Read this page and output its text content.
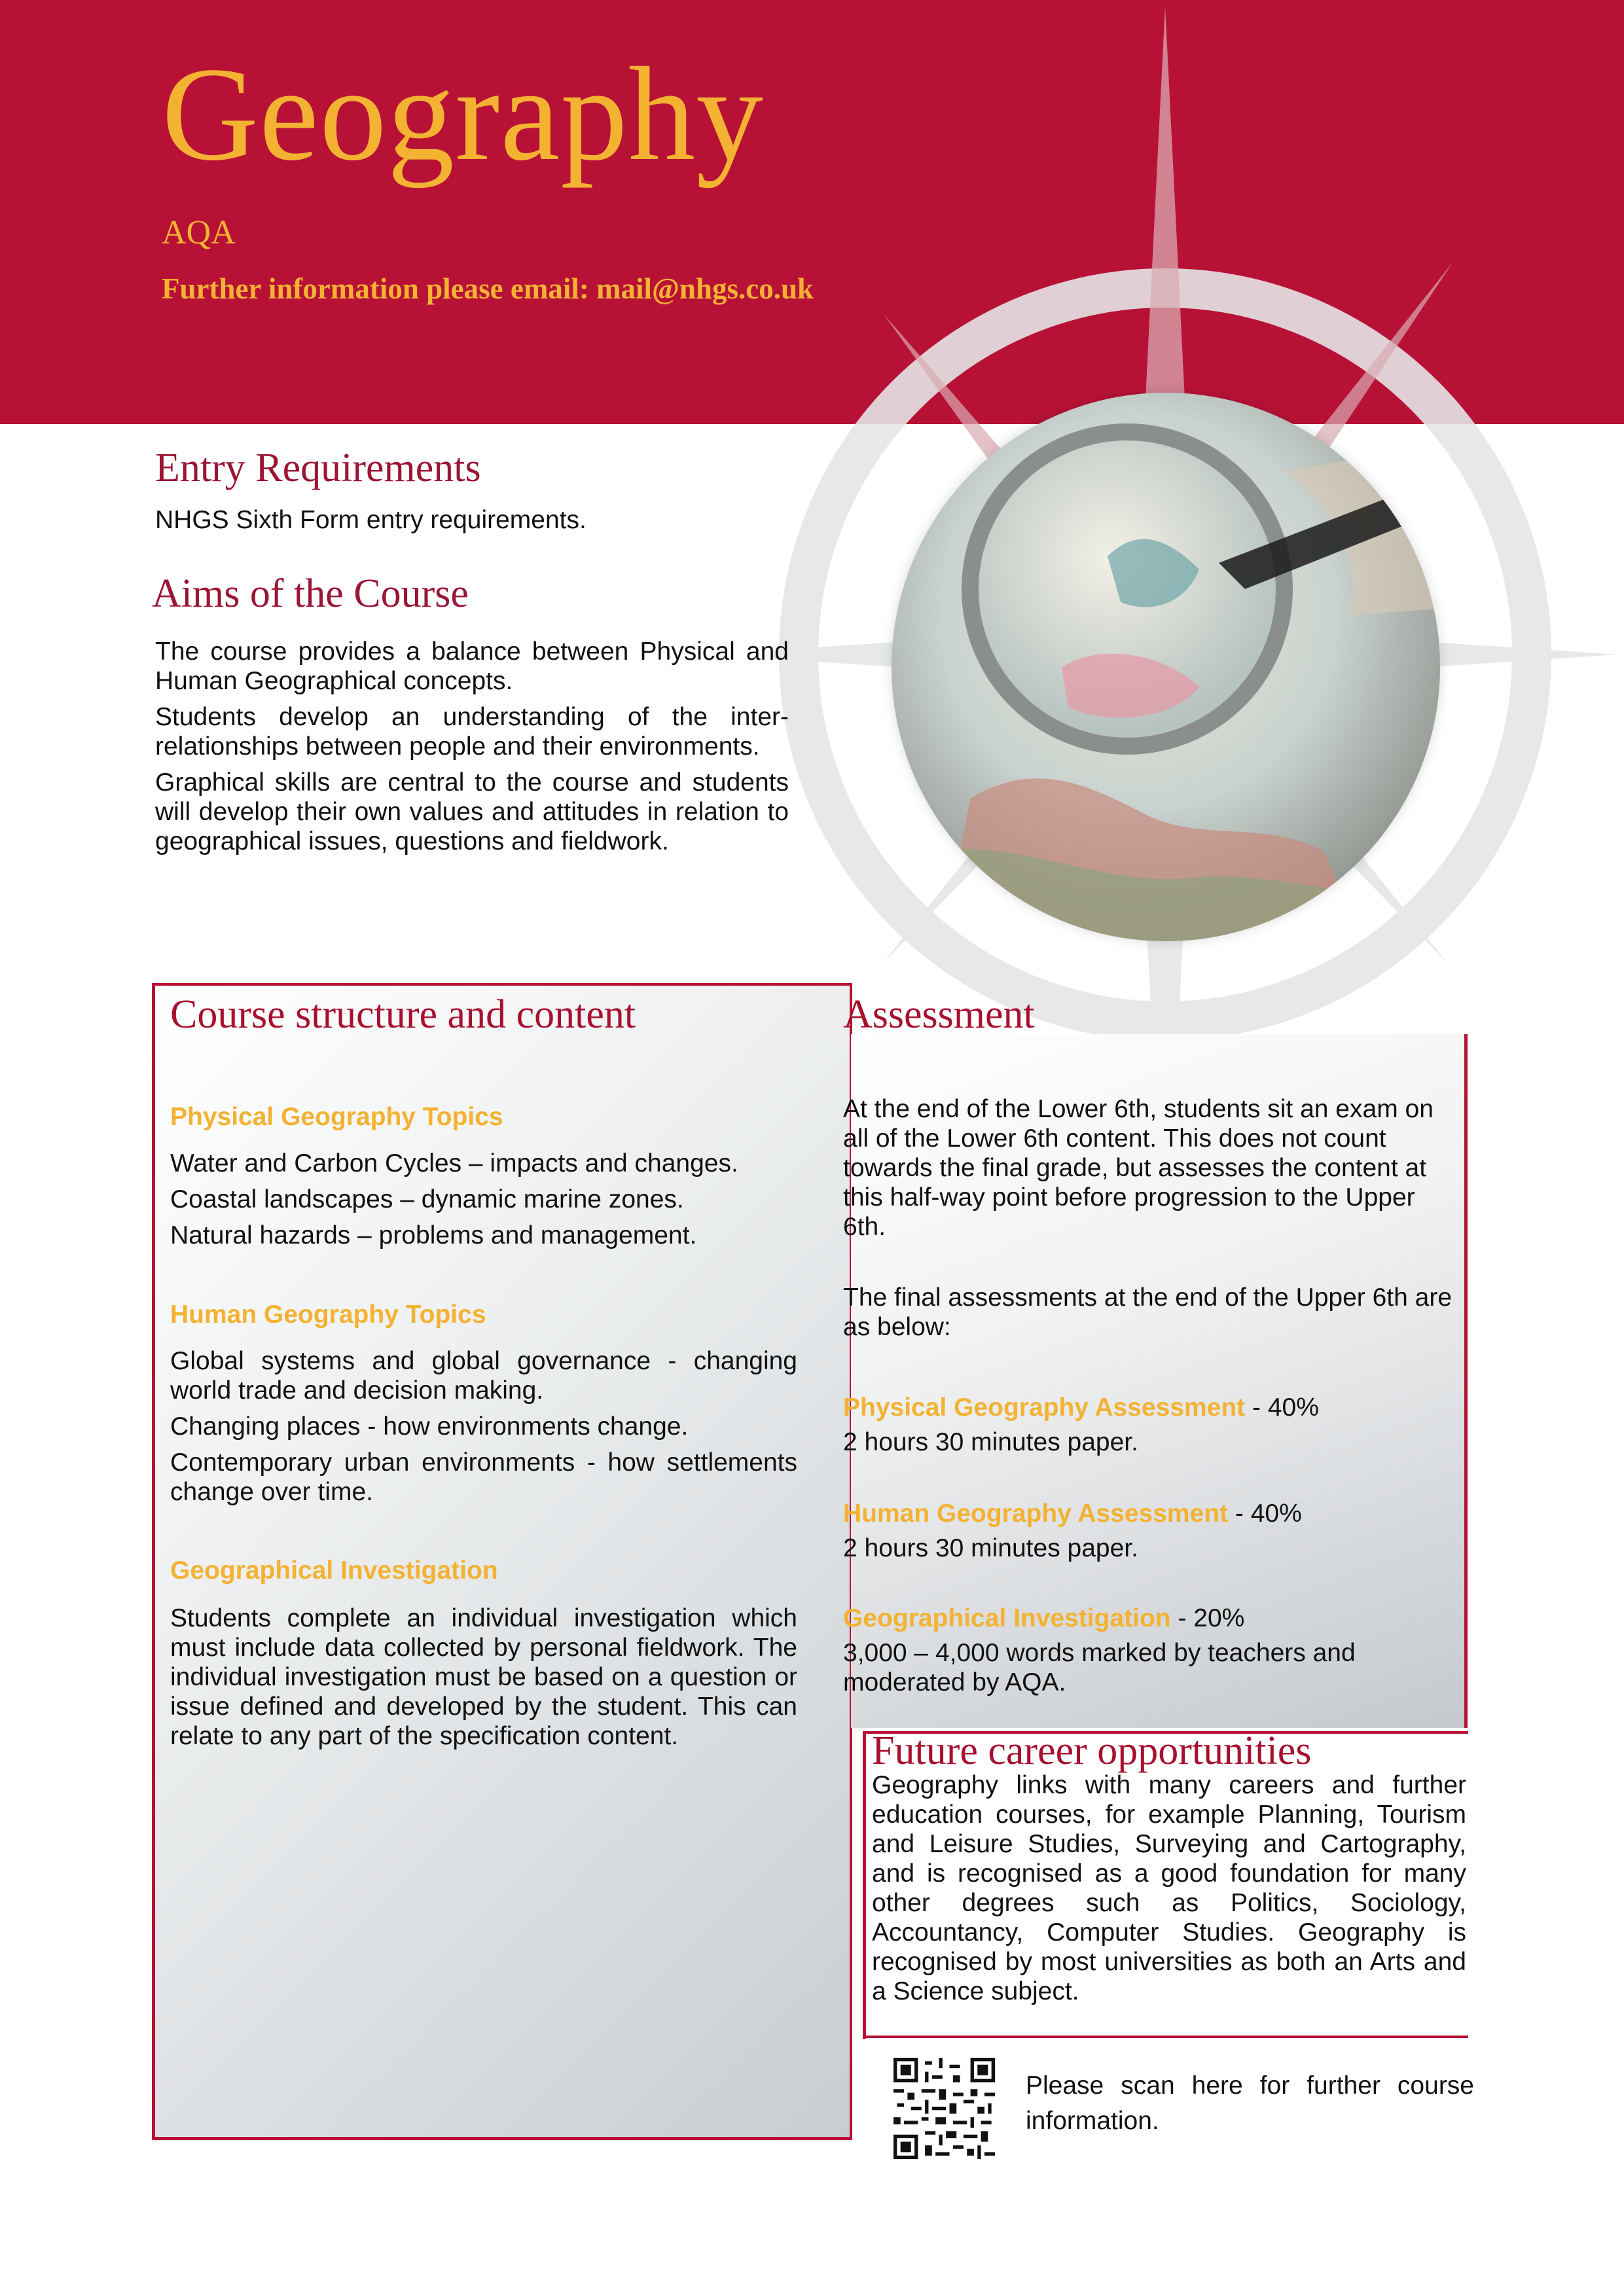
Geography
AQA
Further information please email: mail@nhgs.co.uk
Entry Requirements
NHGS Sixth Form entry requirements.
Aims of the Course

The course provides a balance between Physical and Human Geographical concepts.

Students develop an understanding of the inter-relationships between people and their environments.

Graphical skills are central to the course and students will develop their own values and attitudes in relation to geographical issues, questions and fieldwork.

Course structure and content
Physical Geography Topics

Water and Carbon Cycles – impacts and changes.

Coastal landscapes – dynamic marine zones.

Natural hazards – problems and management.

Human Geography Topics

Global systems and global governance - changing world trade and decision making.

Changing places - how environments change.

Contemporary urban environments - how settlements change over time.

Geographical Investigation
Students complete an individual investigation which must include data collected by personal fieldwork. The individual investigation must be based on a question or issue defined and developed by the student. This can relate to any part of the specification content.
Assessment
At the end of the Lower 6th, students sit an exam on all of the Lower 6th content. This does not count towards the final grade, but assesses the content at this half-way point before progression to the Upper 6th.
The final assessments at the end of the Upper 6th are as below:
Physical Geography Assessment - 40%
2 hours 30 minutes paper.
Human Geography Assessment - 40%
2 hours 30 minutes paper.
Geographical Investigation - 20%
3,000 – 4,000 words marked by teachers and moderated by AQA.
Future career opportunities
Geography links with many careers and further education courses, for example Planning, Tourism and Leisure Studies, Surveying and Cartography, and is recognised as a good foundation for many other degrees such as Politics, Sociology, Accountancy, Computer Studies. Geography is recognised by most universities as both an Arts and a Science subject.
Please scan here for further course information.
